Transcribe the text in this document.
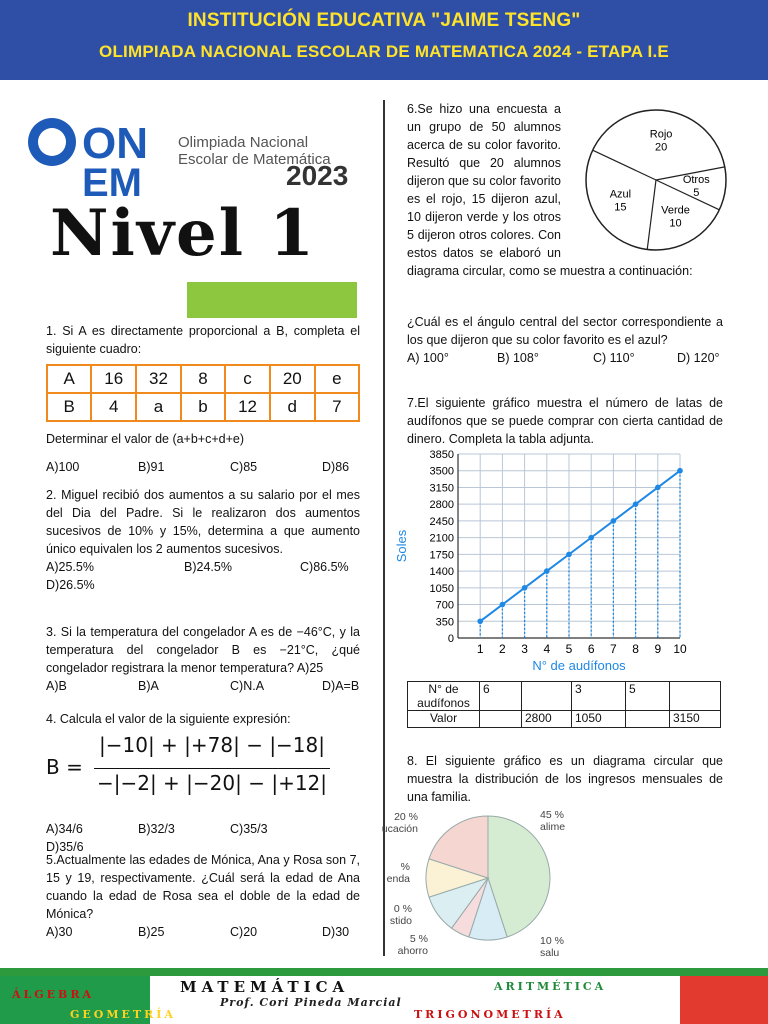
INSTITUCIÓN EDUCATIVA "JAIME TSENG"
OLIMPIADA NACIONAL ESCOLAR DE MATEMATICA 2024 - ETAPA I.E
ON
EM
Olimpiada Nacional
Escolar de Matemática
2023
Nivel 1

1. Si A es directamente proporcional a B, completa el siguiente cuadro:

A	16	32	8	c	20	e
B	4	a	b	12	d	7

Determinar el valor de (a+b+c+d+e)

A)100	B)91	C)85	D)86

2. Miguel recibió dos aumentos a su salario por el mes del Dia del Padre. Si le realizaron dos aumentos sucesivos de 10% y 15%, determina a que aumento único equivalen los 2 aumentos sucesivos.

A)25.5%	B)24.5%	C)86.5%
D)26.5%

3. Si la temperatura del congelador A es de −46°C, y la temperatura del congelador B es −21°C, ¿qué congelador registrara la menor temperatura? A)25

A)B	B)A	C)N.A	D)A=B

4. Calcula el valor de la siguiente expresión:

B =
|−10| + |+78| − |−18|
−|−2| + |−20| − |+12|
A)34/6	B)32/3	C)35/3
D)35/6

5.Actualmente las edades de Mónica, Ana y Rosa son 7, 15 y 19, respectivamente. ¿Cuál será la edad de Ana cuando la edad de Rosa sea el doble de la edad de Mónica?

A)30	B)25	C)20	D)30

6.Se hizo una encuesta a un grupo de 50 alumnos acerca de su color favorito. Resultó que 20 alumnos dijeron que su color favorito es el rojo, 15 dijeron azul, 10 dijeron verde y los otros 5 dijeron otros colores. Con estos datos se elaboró un diagrama circular, como se muestra a continuación:

Rojo
20
Otros
5
Verde
10
Azul
15

¿Cuál es el ángulo central del sector correspondiente a los que dijeron que su color favorito es el azul?

A) 100°	B) 108°	C) 110°	D) 120°

7.El siguiente gráfico muestra el número de latas de audífonos que se puede comprar con cierta cantidad de dinero. Completa la tabla adjunta.

0
350
700
1050
1400
1750
2100
2450
2800
3150
3500
3850
1 2 3 4 5 6 7 8 9 10
N° de audífonos
Soles
N° de audífonos	6		3	5	
Valor		2800	1050		3150

8. El siguiente gráfico es un diagrama circular que muestra la distribución de los ingresos mensuales de una familia.

45 %
alime
10 %
salu
5 %
ahorro
0 %
stido
%
enda
20 %
ucación
MATEMÁTICA
Prof. Cori Pineda Marcial
ÁLGEBRA
GEOMETRÍA
ARITMÉTICA
TRIGONOMETRÍA
